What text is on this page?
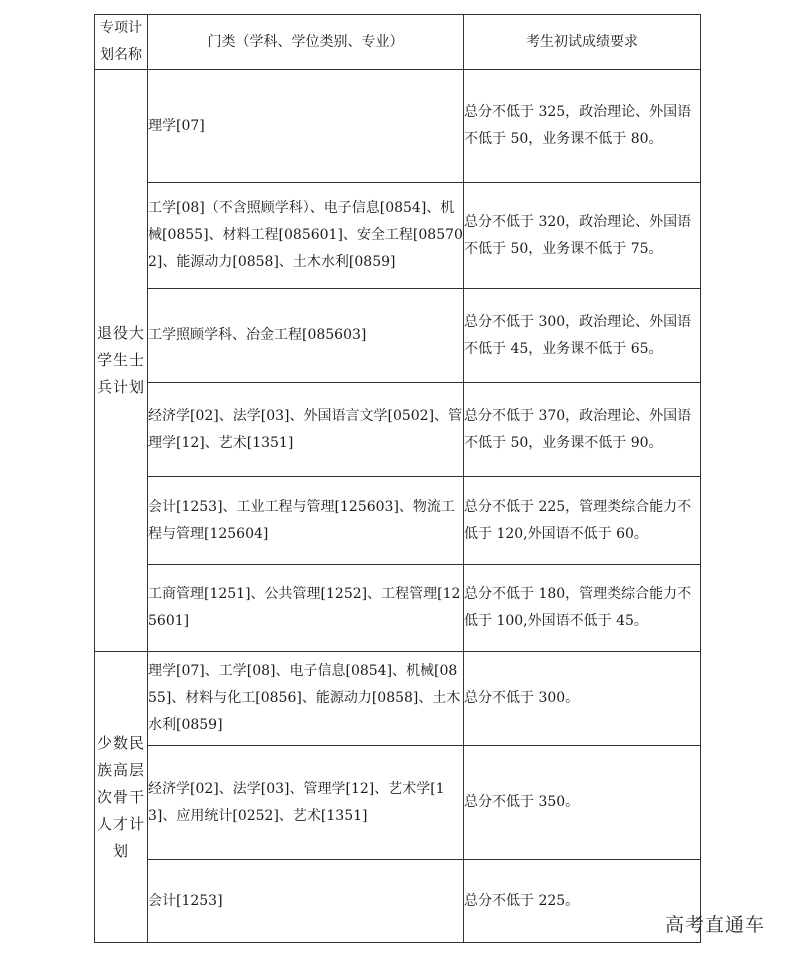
专项计划名称	门类（学科、学位类别、专业）	考生初试成绩要求

退役大学生士兵计划	理学[07]	总分不低于 325，政治理论、外国语不低于 50，业务课不低于 80。
	工学[08]（不含照顾学科）、电子信息[0854]、机械[0855]、材料工程[085601]、安全工程[085702]、能源动力[0858]、土木水利[0859]	总分不低于 320，政治理论、外国语不低于 50，业务课不低于 75。
	工学照顾学科、冶金工程[085603]	总分不低于 300，政治理论、外国语不低于 45，业务课不低于 65。
	经济学[02]、法学[03]、外国语言文学[0502]、管理学[12]、艺术[1351]	总分不低于 370，政治理论、外国语不低于 50，业务课不低于 90。
	会计[1253]、工业工程与管理[125603]、物流工程与管理[125604]	总分不低于 225，管理类综合能力不低于 120,外国语不低于 60。
	工商管理[1251]、公共管理[1252]、工程管理[125601]	总分不低于 180，管理类综合能力不低于 100,外国语不低于 45。

少数民族高层次骨干人才计划	理学[07]、工学[08]、电子信息[0854]、机械[0855]、材料与化工[0856]、能源动力[0858]、土木水利[0859]	总分不低于 300。
	经济学[02]、法学[03]、管理学[12]、艺术学[13]、应用统计[0252]、艺术[1351]	总分不低于 350。
	会计[1253]	总分不低于 225。
高考直通车
